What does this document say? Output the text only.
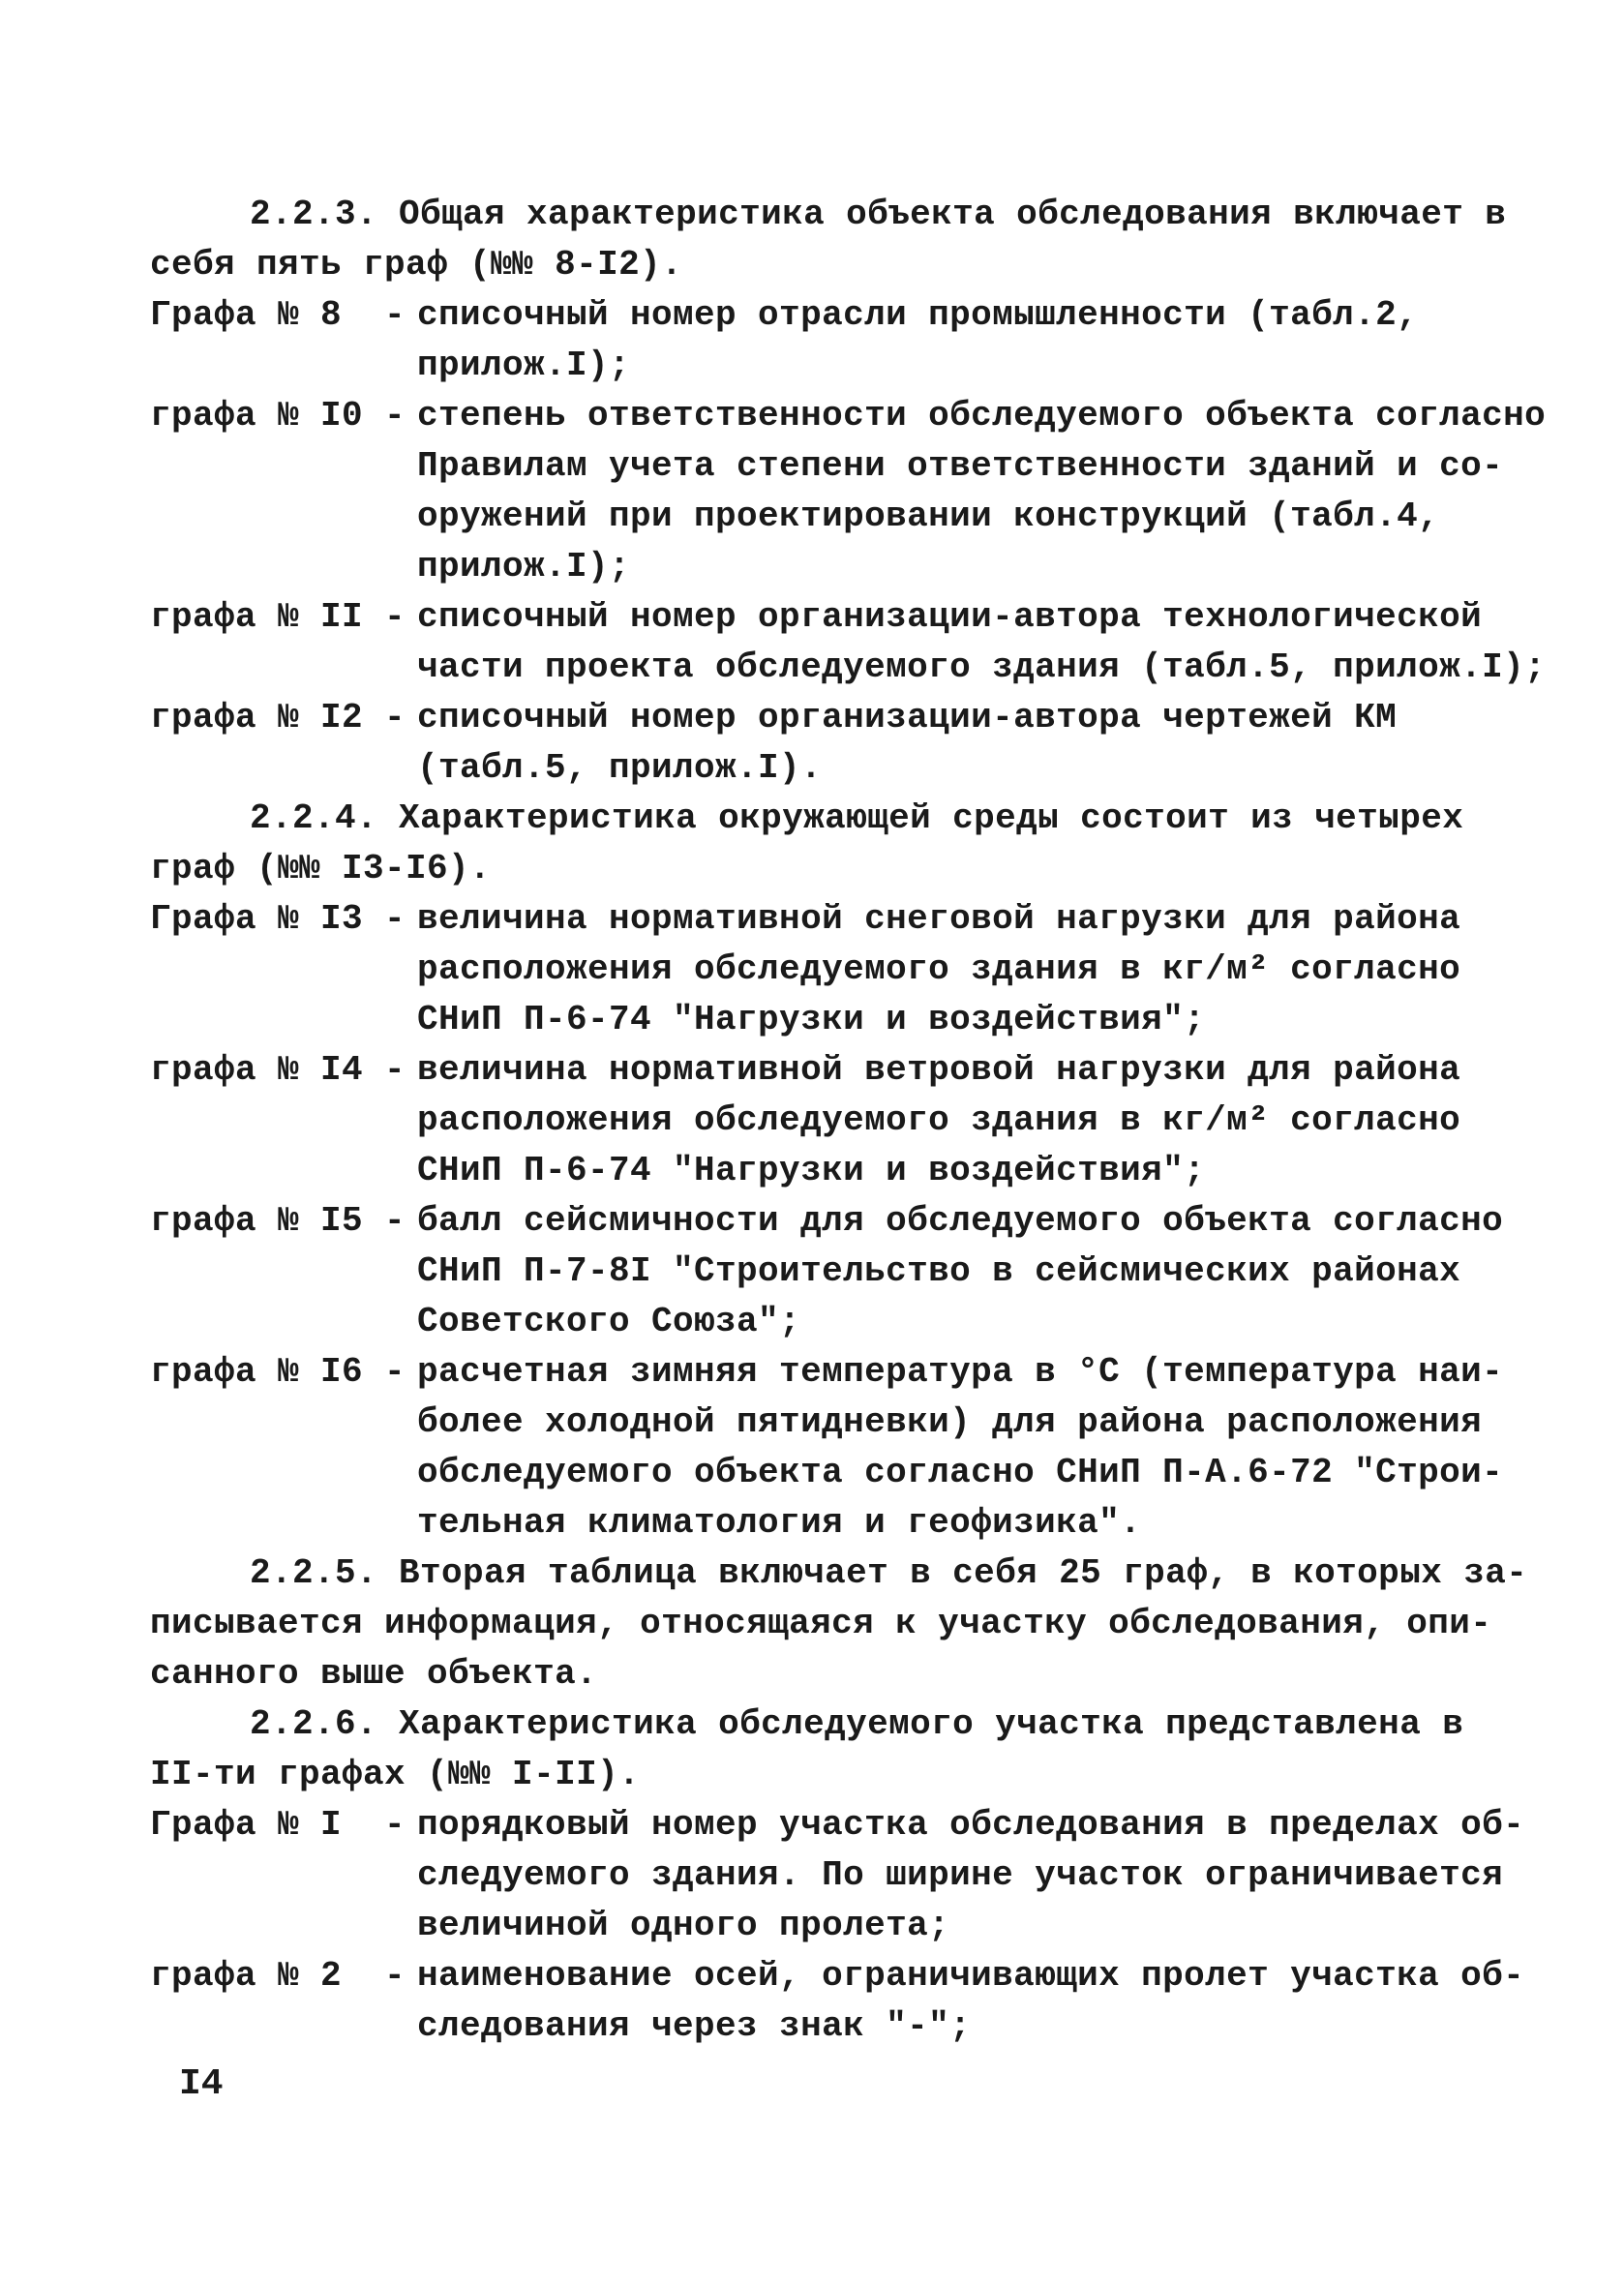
2.2.3. Общая характеристика объекта обследования включает в
себя пять граф (№№ 8-I2).
Графа № 8  - списочный номер отрасли промышленности (табл.2,
прилож.I);
графа № I0 - степень ответственности обследуемого объекта согласно
Правилам учета степени ответственности зданий и со-
оружений при проектировании конструкций (табл.4,
прилож.I);
графа № II - списочный номер организации-автора технологической
части проекта обследуемого здания (табл.5, прилож.I);
графа № I2 - списочный номер организации-автора чертежей КМ
(табл.5, прилож.I).
2.2.4. Характеристика окружающей среды состоит из четырех
граф (№№ I3-I6).
Графа № I3 - величина нормативной снеговой нагрузки для района
расположения обследуемого здания в кг/м² согласно
СНиП П-6-74 "Нагрузки и воздействия";
графа № I4 - величина нормативной ветровой нагрузки для района
расположения обследуемого здания в кг/м² согласно
СНиП П-6-74 "Нагрузки и воздействия";
графа № I5 - балл сейсмичности для обследуемого объекта согласно
СНиП П-7-8I "Строительство в сейсмических районах
Советского Союза";
графа № I6 - расчетная зимняя температура в °С (температура наи-
более холодной пятидневки) для района расположения
обследуемого объекта согласно СНиП П-А.6-72 "Строи-
тельная климатология и геофизика".
2.2.5. Вторая таблица включает в себя 25 граф, в которых за-
писывается информация, относящаяся к участку обследования, опи-
санного выше объекта.
2.2.6. Характеристика обследуемого участка представлена в
II-ти графах (№№ I-II).
Графа № I  - порядковый номер участка обследования в пределах об-
следуемого здания. По ширине участок ограничивается
величиной одного пролета;
графа № 2  - наименование осей, ограничивающих пролет участка об-
следования через знак "-";
I4
